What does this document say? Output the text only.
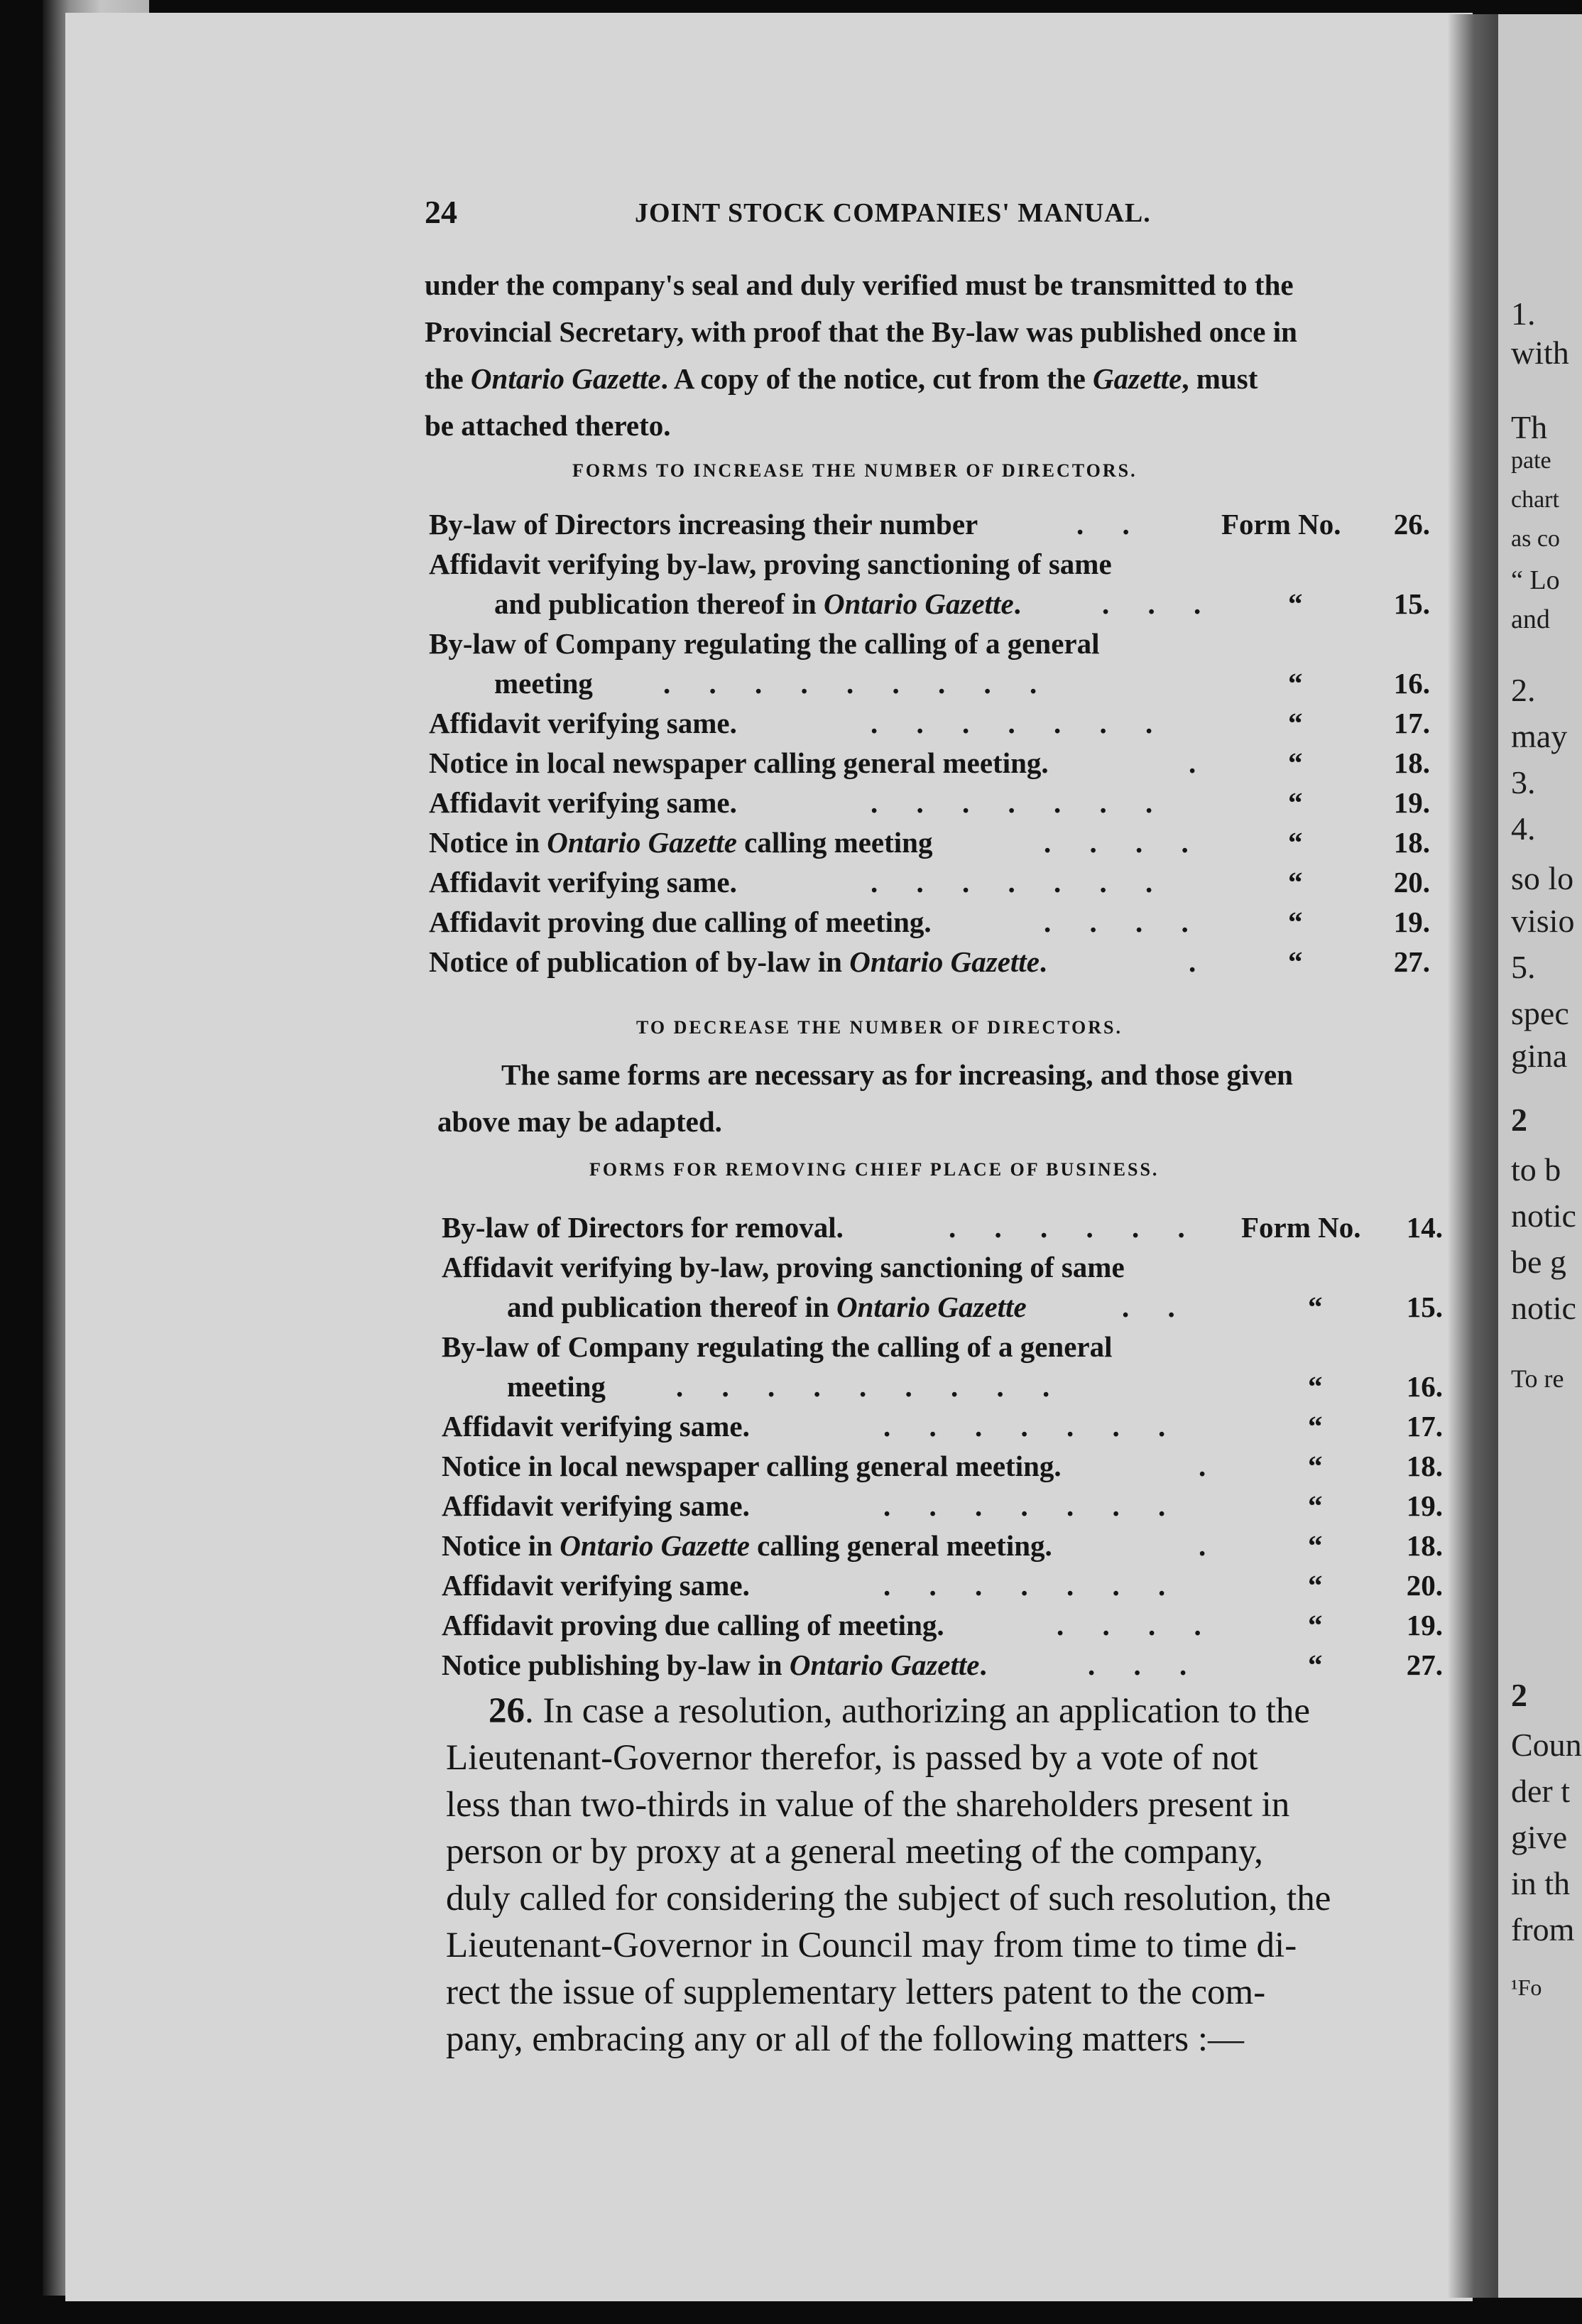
1.
with
Th
pate
chart
as co
“ Lo
and
2.
may
3.
4.
so lo
visio
5.
spec
gina
2
to b
notic
be g
notic
To re
2
Coun
der t
give
in th
from
¹Fo
24	JOINT STOCK COMPANIES' MANUAL.
under the company's seal and duly verified must be transmitted to the
Provincial Secretary, with proof that the By-law was published once in
the Ontario Gazette. A copy of the notice, cut from the Gazette, must
be attached thereto.
FORMS TO INCREASE THE NUMBER OF DIRECTORS.
By-law of Directors increasing their number	. .	Form No.	26.
Affidavit verifying by-law, proving sanctioning of same
and publication thereof in Ontario Gazette.	. . . “	15.
By-law of Company regulating the calling of a general
meeting . . . . . . . . .	“	16.
Affidavit verifying same.	. . . . . . .	“	17.
Notice in local newspaper calling general meeting.	.	“	18.
Affidavit verifying same.	. . . . . . .	“	19.
Notice in Ontario Gazette calling meeting	. . . .	“	18.
Affidavit verifying same.	. . . . . . .	“	20.
Affidavit proving due calling of meeting.	. . . .	“	19.
Notice of publication of by-law in Ontario Gazette.	.	“	27.
TO DECREASE THE NUMBER OF DIRECTORS.
The same forms are necessary as for increasing, and those given
above may be adapted.
FORMS FOR REMOVING CHIEF PLACE OF BUSINESS.
By-law of Directors for removal.	. . . . . . Form No.	14.
Affidavit verifying by-law, proving sanctioning of same
and publication thereof in Ontario Gazette	. .	“	15.
By-law of Company regulating the calling of a general
meeting . . . . . . . . .	“	16.
Affidavit verifying same.	. . . . . . .	“	17.
Notice in local newspaper calling general meeting.	.	“	18.
Affidavit verifying same.	. . . . . . .	“	19.
Notice in Ontario Gazette calling general meeting.	.	“	18.
Affidavit verifying same.	. . . . . . .	“	20.
Affidavit proving due calling of meeting.	. . . .	“	19.
Notice publishing by-law in Ontario Gazette.	. . .	“	27.
26. In case a resolution, authorizing an application to the
Lieutenant-Governor therefor, is passed by a vote of not
less than two-thirds in value of the shareholders present in
person or by proxy at a general meeting of the company,
duly called for considering the subject of such resolution, the
Lieutenant-Governor in Council may from time to time di-
rect the issue of supplementary letters patent to the com-
pany, embracing any or all of the following matters :—
